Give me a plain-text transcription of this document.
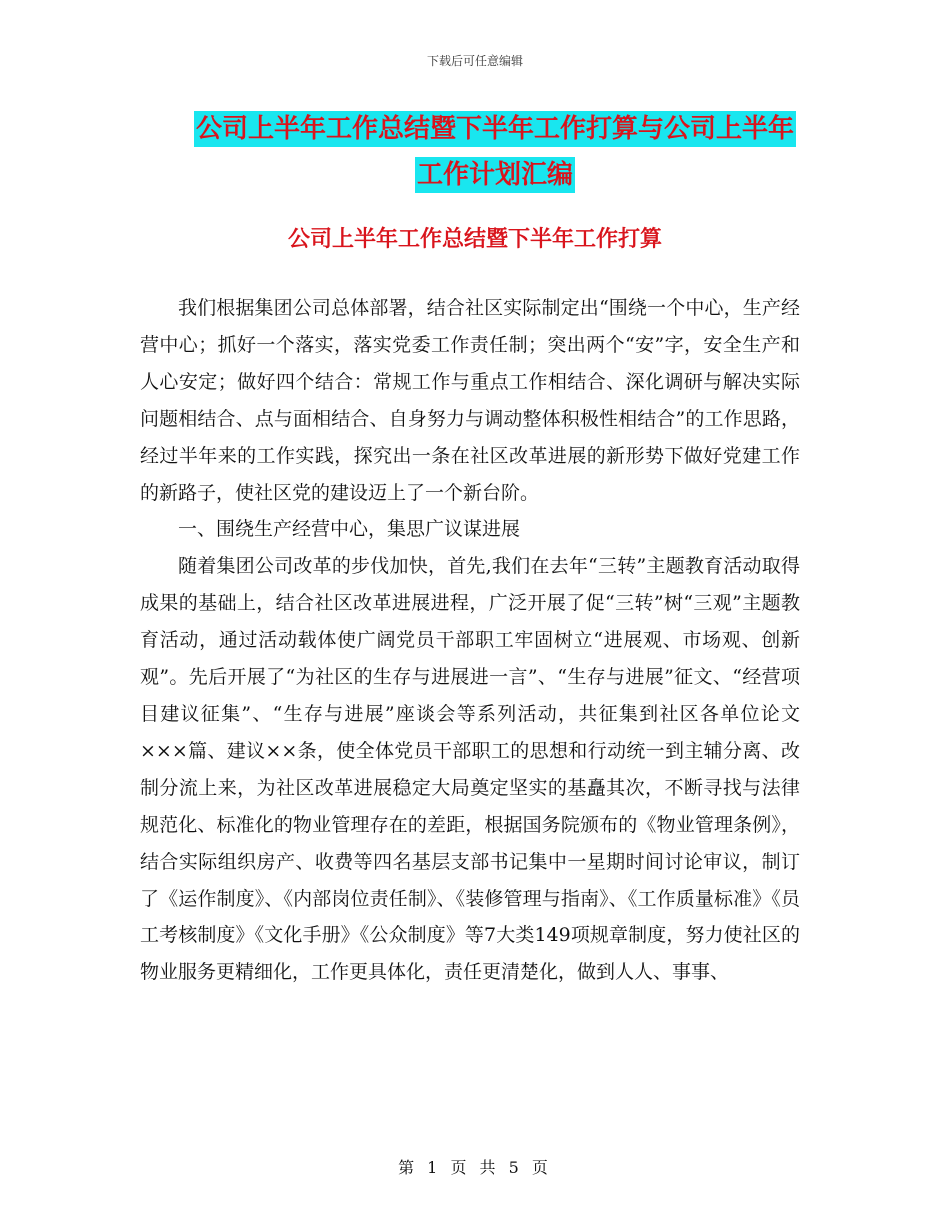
下载后可任意编辑
公司上半年工作总结暨下半年工作打算与公司上半年
工作计划汇编
公司上半年工作总结暨下半年工作打算

我们根据集团公司总体部署，结合社区实际制定出“围绕一个中心，生产经营中心；抓好一个落实，落实党委工作责任制；突出两个“安”字，安全生产和人心安定；做好四个结合：常规工作与重点工作相结合、深化调研与解决实际问题相结合、点与面相结合、自身努力与调动整体积极性相结合”的工作思路，经过半年来的工作实践，探究出一条在社区改革进展的新形势下做好党建工作的新路子，使社区党的建设迈上了一个新台阶。

一、围绕生产经营中心，集思广议谋进展

随着集团公司改革的步伐加快，首先,我们在去年“三转”主题教育活动取得成果的基础上，结合社区改革进展进程，广泛开展了促“三转”树“三观”主题教育活动，通过活动载体使广阔党员干部职工牢固树立“进展观、市场观、创新观”。先后开展了“为社区的生存与进展进一言”、“生存与进展”征文、“经营项目建议征集”、“生存与进展”座谈会等系列活动，共征集到社区各单位论文×××篇、建议××条，使全体党员干部职工的思想和行动统一到主辅分离、改制分流上来，为社区改革进展稳定大局奠定坚实的基矗其次，不断寻找与法律规范化、标准化的物业管理存在的差距，根据国务院颁布的《物业管理条例》，结合实际组织房产、收费等四名基层支部书记集中一星期时间讨论审议，制订了《运作制度》、《内部岗位责任制》、《装修管理与指南》、《工作质量标准》《员工考核制度》《文化手册》《公众制度》等7大类149项规章制度，努力使社区的物业服务更精细化，工作更具体化，责任更清楚化，做到人人、事事、

第 1 页 共 5 页
